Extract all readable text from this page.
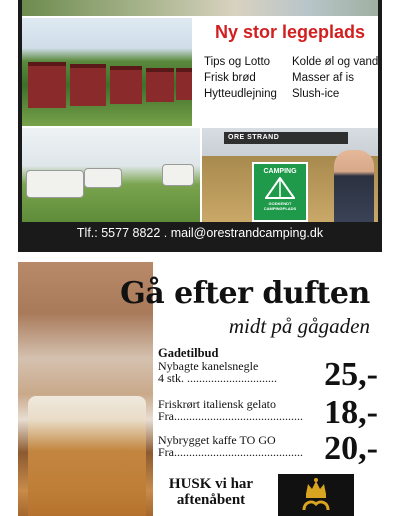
ORE STRAND
CAMPING
GODKENDT CAMPINGPLADS
Ny stor legeplads
Tips og Lotto
Frisk brød
Hytteudlejning
Kolde øl og vand
Masser af is
Slush-ice
Tlf.: 5577 8822 . mail@orestrandcamping.dk
Gå efter duften
midt på gågaden
Gadetilbud
Nybagte kanelsnegle
4 stk. ..............................	25,-
Friskrørt italiensk gelato
Fra........................................... 18,-
Nybrygget kaffe TO GO
Fra........................................... 20,-
HUSK vi har
aftenåbent
